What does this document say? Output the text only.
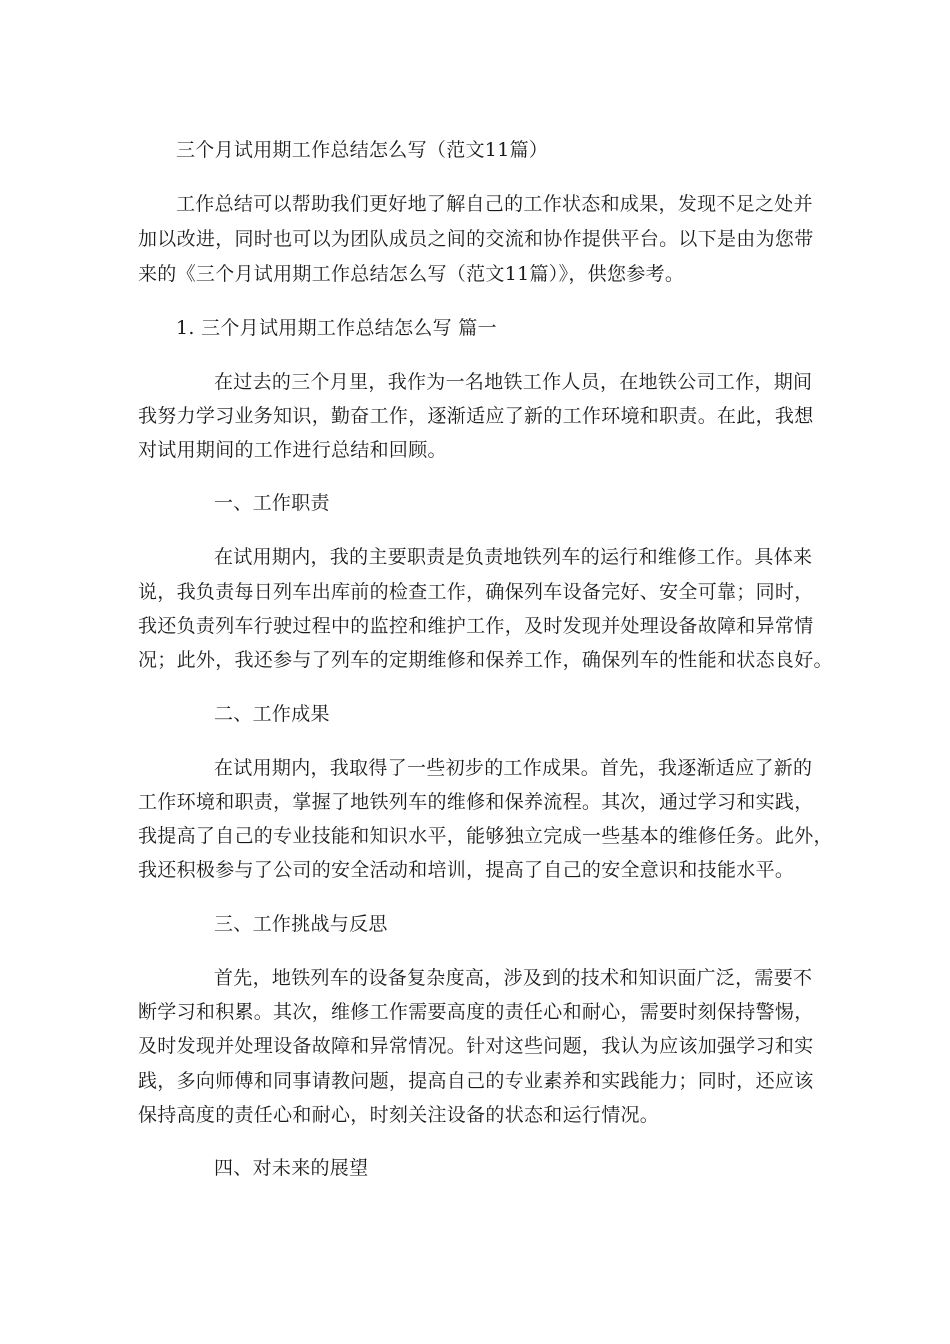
三个月试用期工作总结怎么写（范文11篇）
工作总结可以帮助我们更好地了解自己的工作状态和成果，发现不足之处并
加以改进，同时也可以为团队成员之间的交流和协作提供平台。以下是由为您带
来的《三个月试用期工作总结怎么写（范文11篇）》，供您参考。
1. 三个月试用期工作总结怎么写 篇一
在过去的三个月里，我作为一名地铁工作人员，在地铁公司工作，期间
我努力学习业务知识，勤奋工作，逐渐适应了新的工作环境和职责。在此，我想
对试用期间的工作进行总结和回顾。
一、工作职责
在试用期内，我的主要职责是负责地铁列车的运行和维修工作。具体来
说，我负责每日列车出库前的检查工作，确保列车设备完好、安全可靠；同时，
我还负责列车行驶过程中的监控和维护工作，及时发现并处理设备故障和异常情
况；此外，我还参与了列车的定期维修和保养工作，确保列车的性能和状态良好。
二、工作成果
在试用期内，我取得了一些初步的工作成果。首先，我逐渐适应了新的
工作环境和职责，掌握了地铁列车的维修和保养流程。其次，通过学习和实践，
我提高了自己的专业技能和知识水平，能够独立完成一些基本的维修任务。此外，
我还积极参与了公司的安全活动和培训，提高了自己的安全意识和技能水平。
三、工作挑战与反思
首先，地铁列车的设备复杂度高，涉及到的技术和知识面广泛，需要不
断学习和积累。其次，维修工作需要高度的责任心和耐心，需要时刻保持警惕，
及时发现并处理设备故障和异常情况。针对这些问题，我认为应该加强学习和实
践，多向师傅和同事请教问题，提高自己的专业素养和实践能力；同时，还应该
保持高度的责任心和耐心，时刻关注设备的状态和运行情况。
四、对未来的展望
